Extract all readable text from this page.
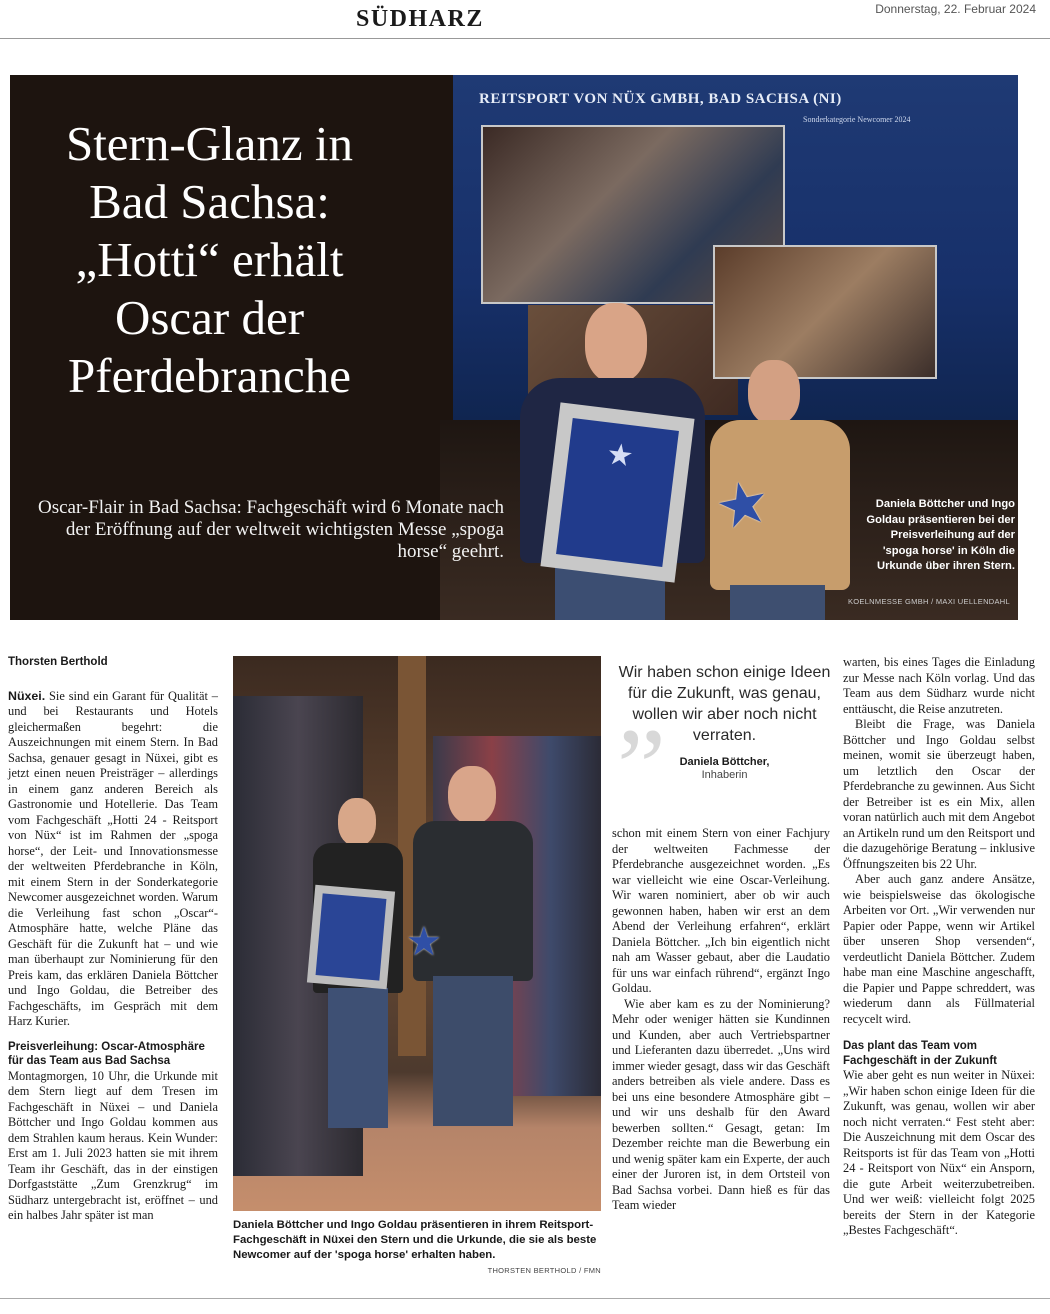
SÜDHARZ	Donnerstag, 22. Februar 2024
REITSPORT VON NÜX GMBH, BAD SACHSA (NI)
Sonderkategorie Newcomer 2024
★
★
Stern-Glanz in Bad Sachsa: „Hotti“ erhält Oscar der Pferdebranche
Oscar-Flair in Bad Sachsa: Fachgeschäft wird 6 Monate nach der Eröffnung auf der weltweit wichtigsten Messe „spoga horse“ geehrt.
Daniela Böttcher und Ingo Goldau präsentieren bei der Preisverleihung auf der 'spoga horse' in Köln die Urkunde über ihren Stern.
KOELNMESSE GMBH / MAXI UELLENDAHL

Thorsten Berthold

Nüxei. Sie sind ein Garant für Qualität – und bei Restaurants und Hotels gleichermaßen begehrt: die Auszeichnungen mit einem Stern. In Bad Sachsa, genauer gesagt in Nüxei, gibt es jetzt einen neuen Preisträger – allerdings in einem ganz anderen Bereich als Gastronomie und Hotellerie. Das Team vom Fachgeschäft „Hotti 24 - Reitsport von Nüx“ ist im Rahmen der „spoga horse“, der Leit- und Innovationsmesse der weltweiten Pferdebranche in Köln, mit einem Stern in der Sonderkategorie Newcomer ausgezeichnet worden. Warum die Verleihung fast schon „Oscar“-Atmosphäre hatte, welche Pläne das Geschäft für die Zukunft hat – und wie man überhaupt zur Nominierung für den Preis kam, das erklären Daniela Böttcher und Ingo Goldau, die Betreiber des Fachgeschäfts, im Gespräch mit dem Harz Kurier.

Preisverleihung: Oscar-Atmosphäre für das Team aus Bad Sachsa

Montagmorgen, 10 Uhr, die Urkunde mit dem Stern liegt auf dem Tresen im Fachgeschäft in Nüxei – und Daniela Böttcher und Ingo Goldau kommen aus dem Strahlen kaum heraus. Kein Wunder: Erst am 1. Juli 2023 hatten sie mit ihrem Team ihr Geschäft, das in der einstigen Dorfgaststätte „Zum Grenzkrug“ im Südharz untergebracht ist, eröffnet – und ein halbes Jahr später ist man

★
Daniela Böttcher und Ingo Goldau präsentieren in ihrem Reitsport-Fachgeschäft in Nüxei den Stern und die Urkunde, die sie als beste Newcomer auf der 'spoga horse' erhalten haben.
THORSTEN BERTHOLD / FMN
„

Wir haben schon einige Ideen für die Zukunft, was genau, wollen wir aber noch nicht verraten.

Daniela Böttcher,

Inhaberin

schon mit einem Stern von einer Fachjury der weltweiten Fachmesse der Pferdebranche ausgezeichnet worden. „Es war vielleicht wie eine Oscar-Verleihung. Wir waren nominiert, aber ob wir auch gewonnen haben, haben wir erst an dem Abend der Verleihung erfahren“, erklärt Daniela Böttcher. „Ich bin eigentlich nicht nah am Wasser gebaut, aber die Laudatio für uns war einfach rührend“, ergänzt Ingo Goldau.

Wie aber kam es zu der Nominierung? Mehr oder weniger hätten sie Kundinnen und Kunden, aber auch Vertriebspartner und Lieferanten dazu überredet. „Uns wird immer wieder gesagt, dass wir das Geschäft anders betreiben als viele andere. Dass es bei uns eine besondere Atmosphäre gibt – und wir uns deshalb für den Award bewerben sollten.“ Gesagt, getan: Im Dezember reichte man die Bewerbung ein und wenig später kam ein Experte, der auch einer der Juroren ist, in dem Ortsteil von Bad Sachsa vorbei. Dann hieß es für das Team wieder

warten, bis eines Tages die Einladung zur Messe nach Köln vorlag. Und das Team aus dem Südharz wurde nicht enttäuscht, die Reise anzutreten.

Bleibt die Frage, was Daniela Böttcher und Ingo Goldau selbst meinen, womit sie überzeugt haben, um letztlich den Oscar der Pferdebranche zu gewinnen. Aus Sicht der Betreiber ist es ein Mix, allen voran natürlich auch mit dem Angebot an Artikeln rund um den Reitsport und die dazugehörige Beratung – inklusive Öffnungszeiten bis 22 Uhr.

Aber auch ganz andere Ansätze, wie beispielsweise das ökologische Arbeiten vor Ort. „Wir verwenden nur Papier oder Pappe, wenn wir Artikel über unseren Shop versenden“, verdeutlicht Daniela Böttcher. Zudem habe man eine Maschine angeschafft, die Papier und Pappe schreddert, was wiederum dann als Füllmaterial recycelt wird.

Das plant das Team vom Fachgeschäft in der Zukunft

Wie aber geht es nun weiter in Nüxei: „Wir haben schon einige Ideen für die Zukunft, was genau, wollen wir aber noch nicht verraten.“ Fest steht aber: Die Auszeichnung mit dem Oscar des Reitsports ist für das Team von „Hotti 24 - Reitsport von Nüx“ ein Ansporn, die gute Arbeit weiterzubetreiben. Und wer weiß: vielleicht folgt 2025 bereits der Stern in der Kategorie „Bestes Fachgeschäft“.
